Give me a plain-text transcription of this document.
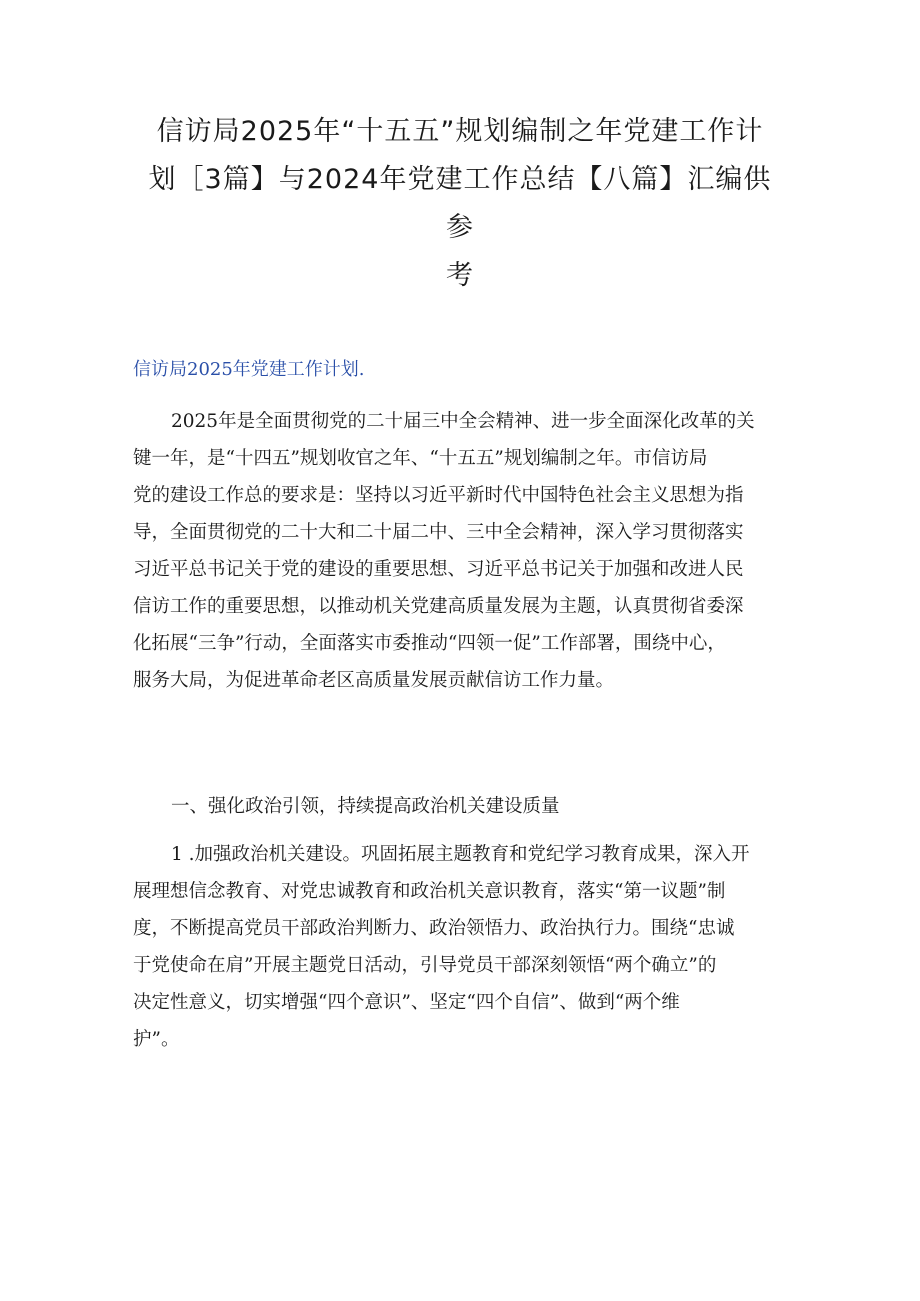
信访局2025年“十五五”规划编制之年党建工作计
划［3篇】与2024年党建工作总结【八篇】汇编供参
考
信访局2025年党建工作计划.

2025年是全面贯彻党的二十届三中全会精神、进一步全面深化改革的关
键一年，是“十四五”规划收官之年、“十五五”规划编制之年。市信访局
党的建设工作总的要求是：坚持以习近平新时代中国特色社会主义思想为指
导，全面贯彻党的二十大和二十届二中、三中全会精神，深入学习贯彻落实
习近平总书记关于党的建设的重要思想、习近平总书记关于加强和改进人民
信访工作的重要思想，以推动机关党建高质量发展为主题，认真贯彻省委深
化拓展“三争”行动，全面落实市委推动“四领一促”工作部署，围绕中心，
服务大局，为促进革命老区高质量发展贡献信访工作力量。

一、强化政治引领，持续提高政治机关建设质量

1 .加强政治机关建设。巩固拓展主题教育和党纪学习教育成果，深入开
展理想信念教育、对党忠诚教育和政治机关意识教育，落实“第一议题”制
度，不断提高党员干部政治判断力、政治领悟力、政治执行力。围绕“忠诚
于党使命在肩”开展主题党日活动，引导党员干部深刻领悟“两个确立”的
决定性意义，切实增强“四个意识”、坚定“四个自信”、做到“两个维
护”。
